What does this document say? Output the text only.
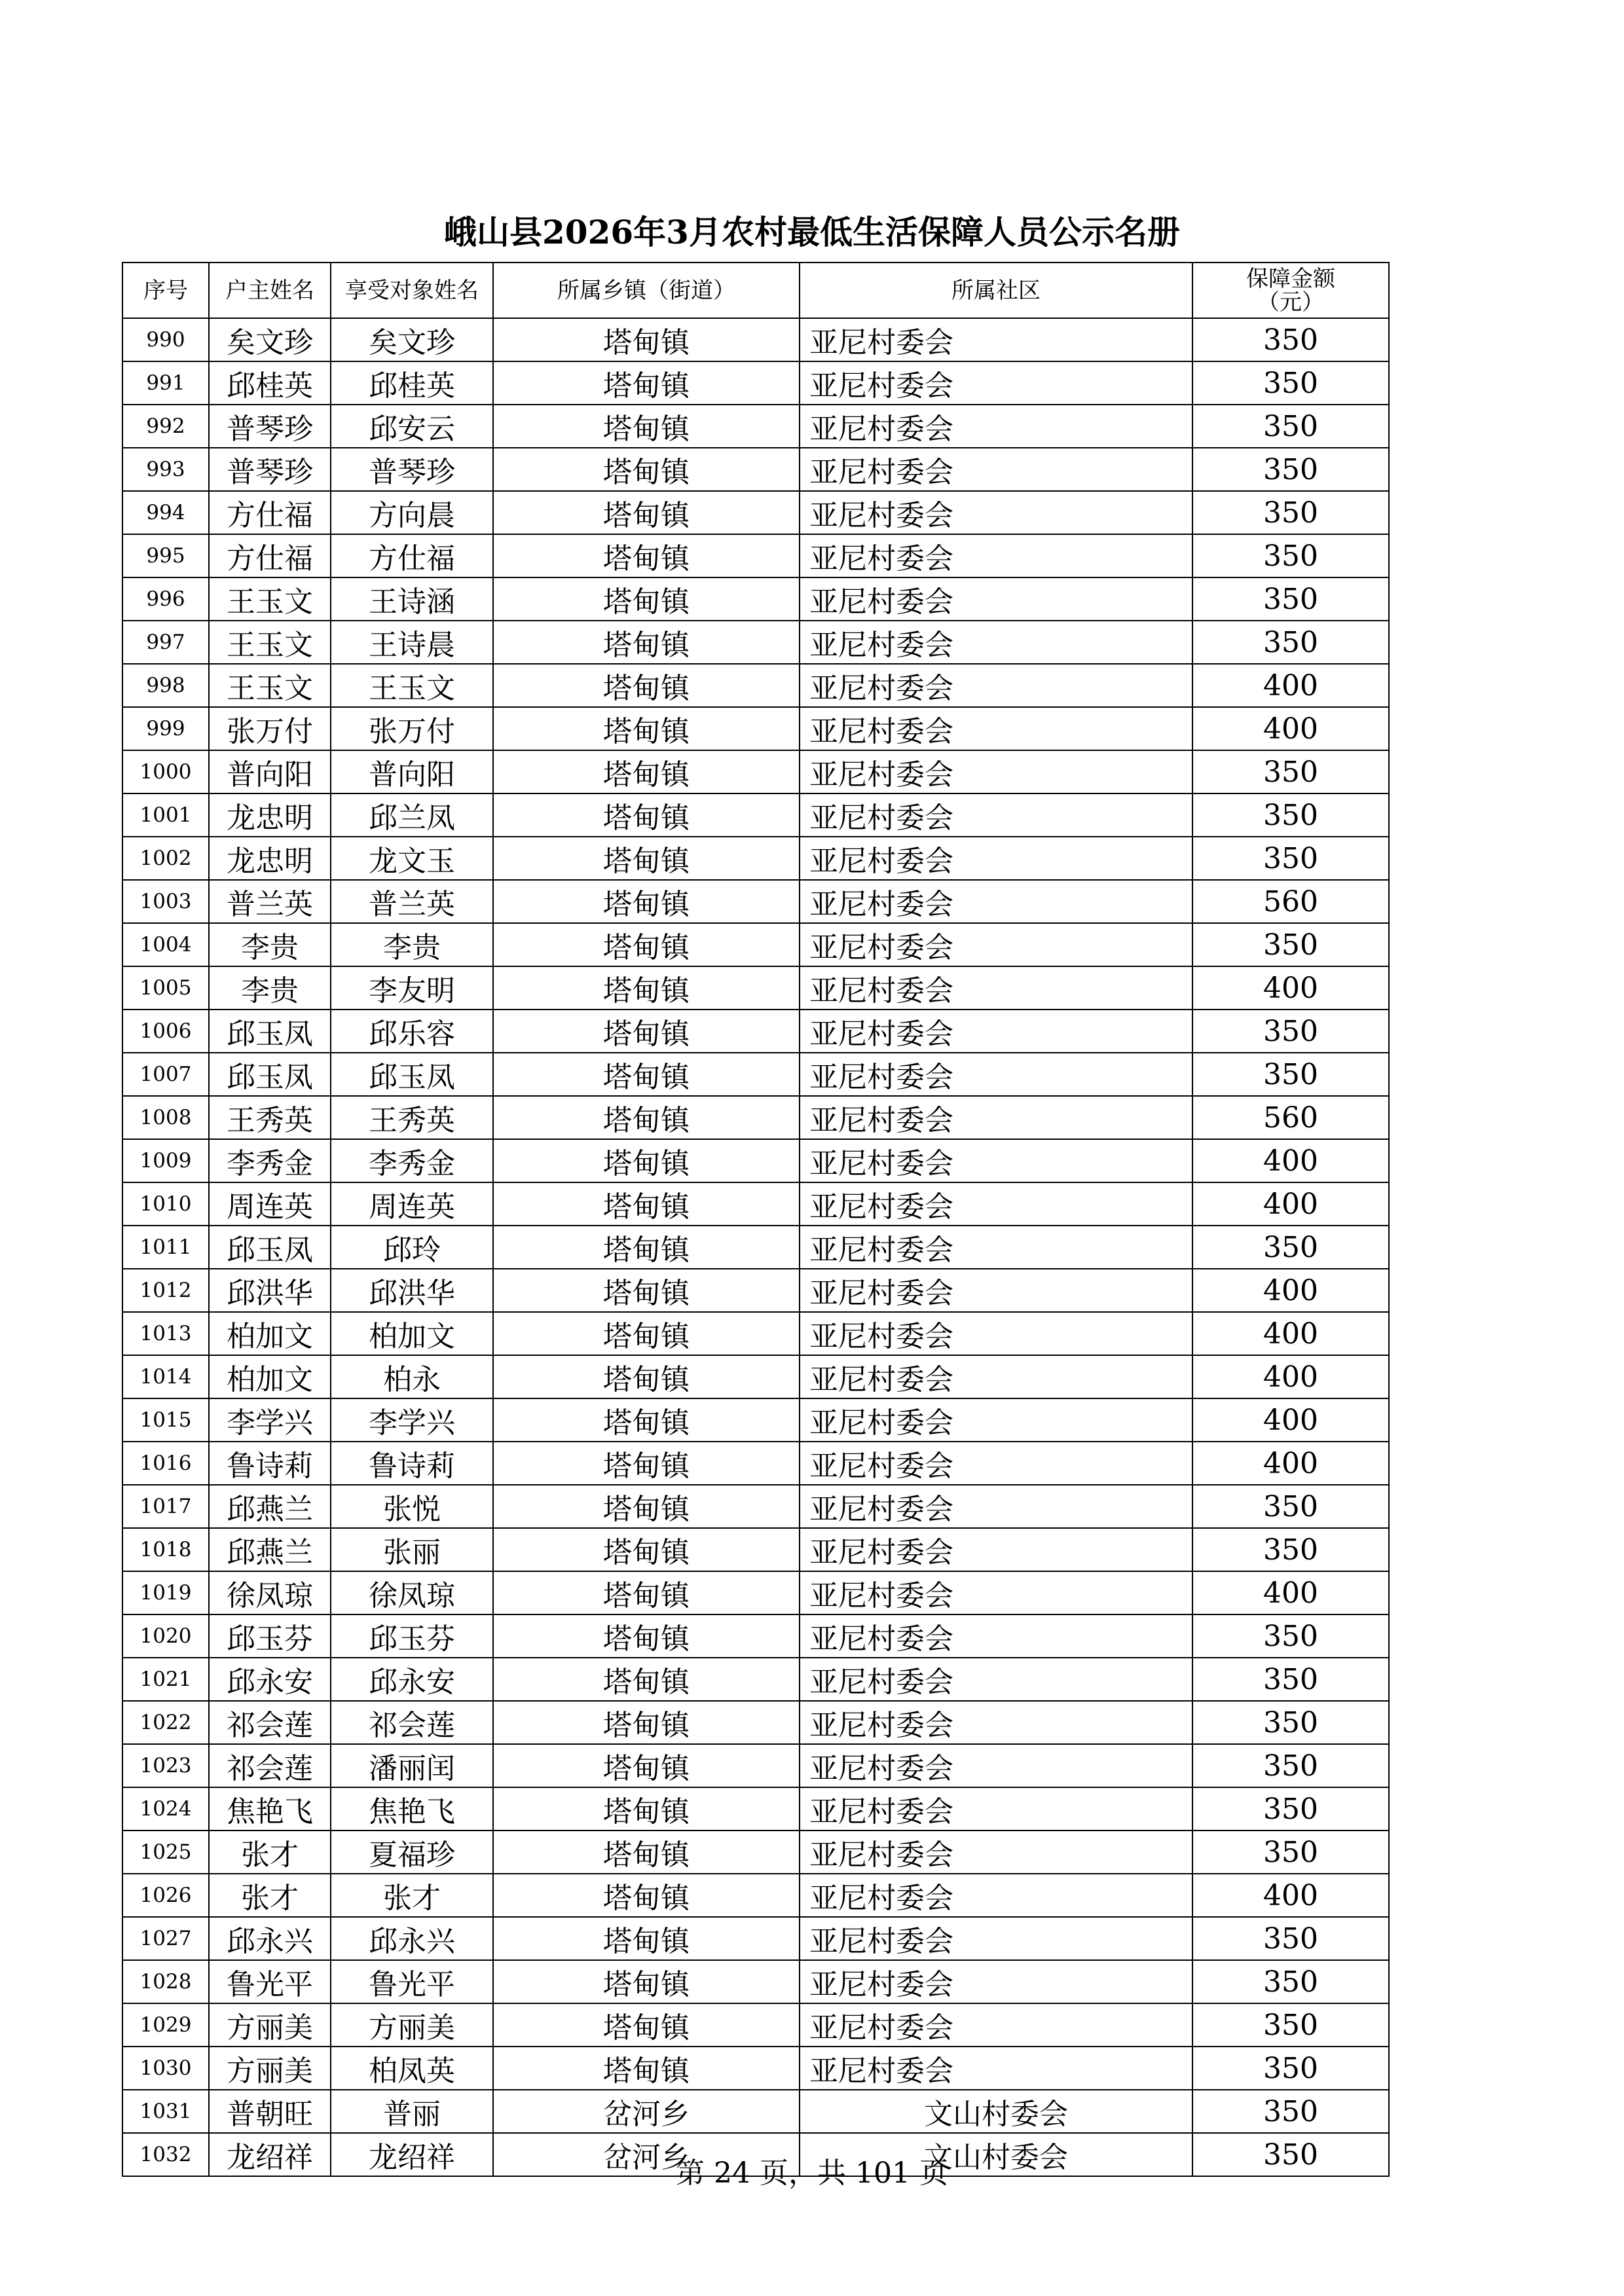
峨山县2026年3月农村最低生活保障人员公示名册
序号	户主姓名	享受对象姓名	所属乡镇（街道）	所属社区	保障金额
（元）

990	矣文珍	矣文珍	塔甸镇	亚尼村委会	350
991	邱桂英	邱桂英	塔甸镇	亚尼村委会	350
992	普琴珍	邱安云	塔甸镇	亚尼村委会	350
993	普琴珍	普琴珍	塔甸镇	亚尼村委会	350
994	方仕福	方向晨	塔甸镇	亚尼村委会	350
995	方仕福	方仕福	塔甸镇	亚尼村委会	350
996	王玉文	王诗涵	塔甸镇	亚尼村委会	350
997	王玉文	王诗晨	塔甸镇	亚尼村委会	350
998	王玉文	王玉文	塔甸镇	亚尼村委会	400
999	张万付	张万付	塔甸镇	亚尼村委会	400
1000	普向阳	普向阳	塔甸镇	亚尼村委会	350
1001	龙忠明	邱兰凤	塔甸镇	亚尼村委会	350
1002	龙忠明	龙文玉	塔甸镇	亚尼村委会	350
1003	普兰英	普兰英	塔甸镇	亚尼村委会	560
1004	李贵	李贵	塔甸镇	亚尼村委会	350
1005	李贵	李友明	塔甸镇	亚尼村委会	400
1006	邱玉凤	邱乐容	塔甸镇	亚尼村委会	350
1007	邱玉凤	邱玉凤	塔甸镇	亚尼村委会	350
1008	王秀英	王秀英	塔甸镇	亚尼村委会	560
1009	李秀金	李秀金	塔甸镇	亚尼村委会	400
1010	周连英	周连英	塔甸镇	亚尼村委会	400
1011	邱玉凤	邱玲	塔甸镇	亚尼村委会	350
1012	邱洪华	邱洪华	塔甸镇	亚尼村委会	400
1013	柏加文	柏加文	塔甸镇	亚尼村委会	400
1014	柏加文	柏永	塔甸镇	亚尼村委会	400
1015	李学兴	李学兴	塔甸镇	亚尼村委会	400
1016	鲁诗莉	鲁诗莉	塔甸镇	亚尼村委会	400
1017	邱燕兰	张悦	塔甸镇	亚尼村委会	350
1018	邱燕兰	张丽	塔甸镇	亚尼村委会	350
1019	徐凤琼	徐凤琼	塔甸镇	亚尼村委会	400
1020	邱玉芬	邱玉芬	塔甸镇	亚尼村委会	350
1021	邱永安	邱永安	塔甸镇	亚尼村委会	350
1022	祁会莲	祁会莲	塔甸镇	亚尼村委会	350
1023	祁会莲	潘丽闰	塔甸镇	亚尼村委会	350
1024	焦艳飞	焦艳飞	塔甸镇	亚尼村委会	350
1025	张才	夏福珍	塔甸镇	亚尼村委会	350
1026	张才	张才	塔甸镇	亚尼村委会	400
1027	邱永兴	邱永兴	塔甸镇	亚尼村委会	350
1028	鲁光平	鲁光平	塔甸镇	亚尼村委会	350
1029	方丽美	方丽美	塔甸镇	亚尼村委会	350
1030	方丽美	柏凤英	塔甸镇	亚尼村委会	350
1031	普朝旺	普丽	岔河乡	文山村委会	350
1032	龙绍祥	龙绍祥	岔河乡	文山村委会	350
第 24 页，共 101 页
